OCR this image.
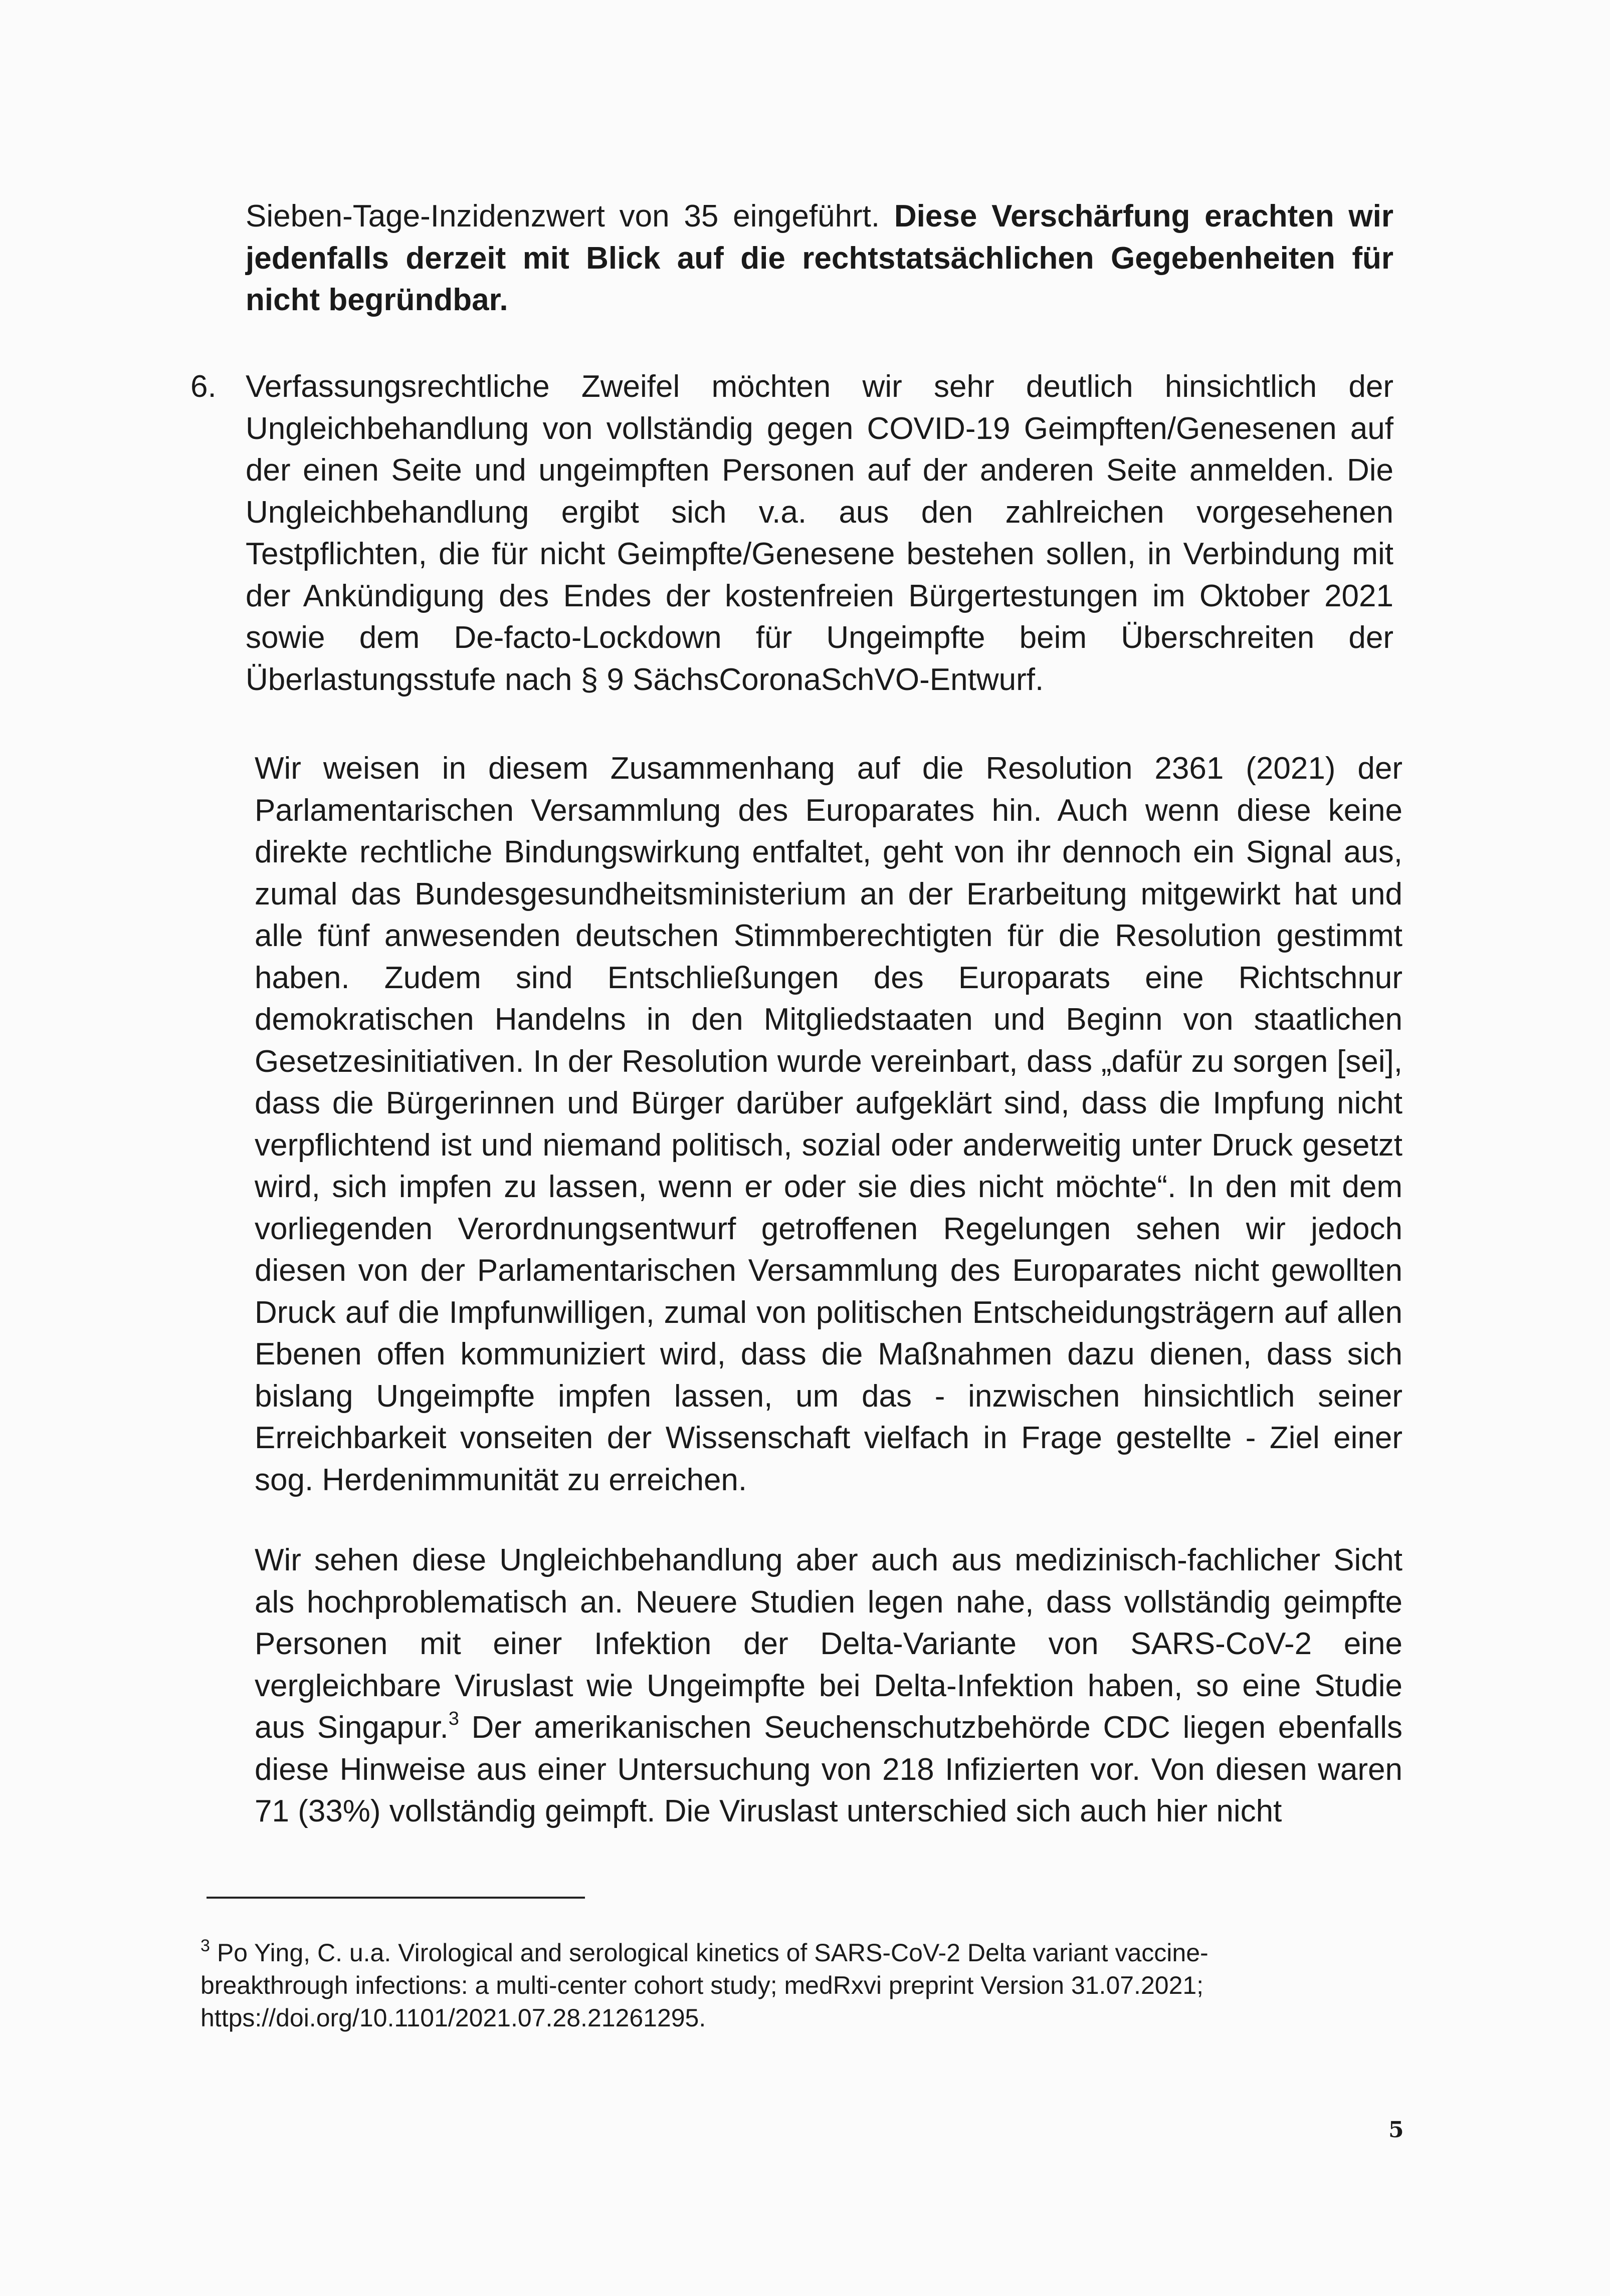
Sieben-Tage-Inzidenzwert von 35 eingeführt. Diese Verschärfung erachten wir jedenfalls derzeit mit Blick auf die rechtstatsächlichen Gegebenheiten für nicht begründbar.
6. Verfassungsrechtliche Zweifel möchten wir sehr deutlich hinsichtlich der Ungleichbehandlung von vollständig gegen COVID-19 Geimpften/Genesenen auf der einen Seite und ungeimpften Personen auf der anderen Seite anmelden. Die Ungleichbehandlung ergibt sich v.a. aus den zahlreichen vorgesehenen Testpflichten, die für nicht Geimpfte/Genesene bestehen sollen, in Verbindung mit der Ankündigung des Endes der kostenfreien Bürgertestungen im Oktober 2021 sowie dem De-facto-Lockdown für Ungeimpfte beim Überschreiten der Überlastungsstufe nach § 9 SächsCoronaSchVO-Entwurf.
Wir weisen in diesem Zusammenhang auf die Resolution 2361 (2021) der Parlamentarischen Versammlung des Europarates hin. Auch wenn diese keine direkte rechtliche Bindungswirkung entfaltet, geht von ihr dennoch ein Signal aus, zumal das Bundesgesundheitsministerium an der Erarbeitung mitgewirkt hat und alle fünf anwesenden deutschen Stimmberechtigten für die Resolution gestimmt haben. Zudem sind Entschließungen des Europarats eine Richtschnur demokratischen Handelns in den Mitgliedstaaten und Beginn von staatlichen Gesetzesinitiativen. In der Resolution wurde vereinbart, dass „dafür zu sorgen [sei], dass die Bürgerinnen und Bürger darüber aufgeklärt sind, dass die Impfung nicht verpflichtend ist und niemand politisch, sozial oder anderweitig unter Druck gesetzt wird, sich impfen zu lassen, wenn er oder sie dies nicht möchte“. In den mit dem vorliegenden Verordnungsentwurf getroffenen Regelungen sehen wir jedoch diesen von der Parlamentarischen Versammlung des Europarates nicht gewollten Druck auf die Impfunwilligen, zumal von politischen Entscheidungsträgern auf allen Ebenen offen kommuniziert wird, dass die Maßnahmen dazu dienen, dass sich bislang Ungeimpfte impfen lassen, um das - inzwischen hinsichtlich seiner Erreichbarkeit vonseiten der Wissenschaft vielfach in Frage gestellte - Ziel einer sog. Herdenimmunität zu erreichen.
Wir sehen diese Ungleichbehandlung aber auch aus medizinisch-fachlicher Sicht als hochproblematisch an. Neuere Studien legen nahe, dass vollständig geimpfte Personen mit einer Infektion der Delta-Variante von SARS-CoV-2 eine vergleichbare Viruslast wie Ungeimpfte bei Delta-Infektion haben, so eine Studie aus Singapur.$^3$ Der amerikanischen Seuchenschutzbehörde CDC liegen ebenfalls diese Hinweise aus einer Untersuchung von 218 Infizierten vor. Von diesen waren 71 (33%) vollständig geimpft. Die Viruslast unterschied sich auch hier nicht
$^3$ Po Ying, C. u.a. Virological and serological kinetics of SARS-CoV-2 Delta variant vaccine-breakthrough infections: a multi-center cohort study; medRxvi preprint Version 31.07.2021; https://doi.org/10.1101/2021.07.28.21261295.
5
